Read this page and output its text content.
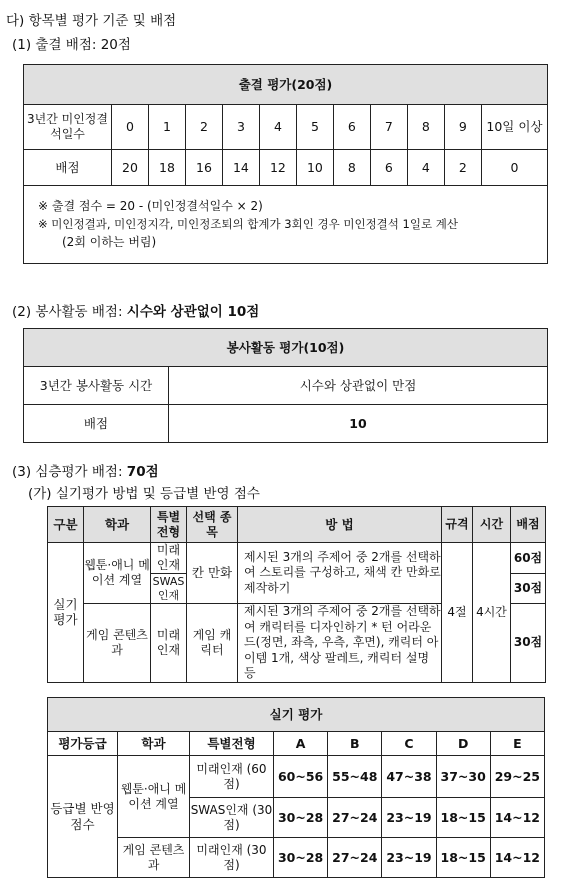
다) 항목별 평가 기준 및 배점
(1) 출결 배점: 20점
출결 평가(20점)											
3년간 미인정결석일수	0	1	2	3	4	5	6	7	8	9	10일 이상
배점	20	18	16	14	12	10	8	6	4	2	0

※ 출결 점수 = 20 - (미인정결석일수 × 2)
※ 미인정결과, 미인정지각, 미인정조퇴의 합계가 3회인 경우 미인정결석 1일로 계산
(2회 이하는 버림)											
(2) 봉사활동 배점: 시수와 상관없이 10점
봉사활동 평가(10점)	
3년간 봉사활동 시간	시수와 상관없이 만점
배점	10
(3) 심층평가 배점: 70점
(가) 실기평가 방법 및 등급별 반영 점수
구분	학과	특별 전형	선택 종목	방 법	규격	시간	배점
실기 평가	웹툰·애니 메이션 계열	미래 인재	칸 만화	제시된 3개의 주제어 중 2개를 선택하여 스토리를 구성하고, 채색 칸 만화로 제작하기	4절	4시간	60점
		SWAS 인재					30점
	게임 콘텐츠과	미래 인재	게임 캐릭터	제시된 3개의 주제어 중 2개를 선택하여 캐릭터를 디자인하기 * 턴 어라운드(정면, 좌측, 우측, 후면), 캐릭터 아이템 1개, 색상 팔레트, 캐릭터 설명 등			30점
실기 평가							
평가등급	학과	특별전형	A	B	C	D	E
등급별 반영 점수	웹툰·애니 메이션 계열	미래인재 (60점)	60~56	55~48	47~38	37~30	29~25
		SWAS인재 (30점)	30~28	27~24	23~19	18~15	14~12
	게임 콘텐츠과	미래인재 (30점)	30~28	27~24	23~19	18~15	14~12
